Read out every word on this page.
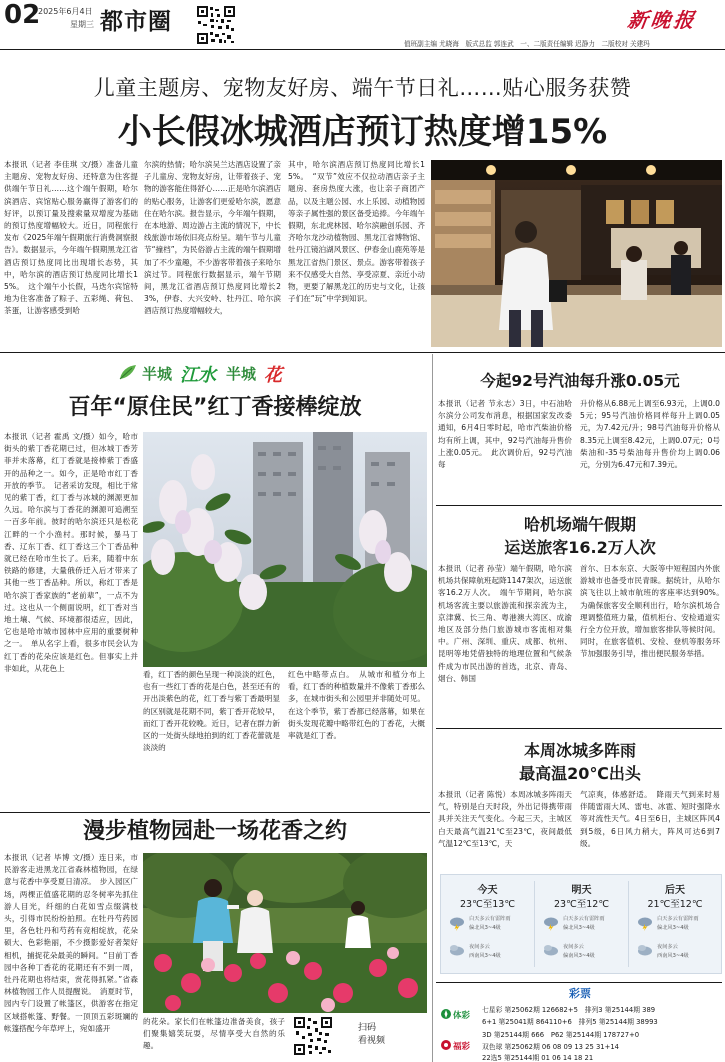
02
2025年6月4日
星期三 都市圈	新晚报
值班副主编 尤晓海　版式总监 郭连武　一、二版责任编辑 迟静力　二版校对 关建玛
儿童主题房、宠物友好房、端午节日礼……贴心服务获赞
小长假冰城酒店预订热度增15%
本报讯（记者 李佳琪 文/摄）准备儿童主题房、宠物友好房、还特意为住客提供端午节日礼……这个端午假期，哈尔滨酒店、宾馆贴心服务赢得了游客们的好评，以预订量及搜索量双增度为基础的预订热度增幅较大。近日，同程旅行发布《2025年端午假期旅行消费洞察报告》。数据显示，今年端午假期黑龙江省酒店预订热度同比出现增长态势，其中，哈尔滨的酒店预订热度同比增长15%。　这个端午小长假，马迭尔宾馆特地为住客准备了粽子、五彩绳、荷包、茶蛋，让游客感受到哈
尔滨的热情；哈尔滨吴兰达酒店设置了亲子儿童房、宠物友好房，让带着孩子、宠物的游客能住得舒心……正是哈尔滨酒店的贴心服务，让游客们更爱哈尔滨，愿意住在哈尔滨。报告显示，今年端午假期，在本地游、周边游占主流的情况下，中长线旅游市场依旧亮点纷呈。端午节与儿童节“撞档”，为民俗游占主流的端午假期增加了不少童趣，不少游客带着孩子来哈尔滨过节。同程旅行数据显示，端午节期间，黑龙江省酒店预订热度同比增长23%，伊春、大兴安岭、牡丹江、哈尔滨酒店预订热度增幅较大，
其中，哈尔滨酒店预订热度同比增长15%。　“双节”效应不仅拉动酒店亲子主题房、套房热度大涨，也让亲子商团产品，以及主题公园、水上乐园、动植物园等亲子属性强的景区备受追捧。今年端午假期，东北虎林园、哈尔滨融创乐园、齐齐哈尔龙沙动植物园、黑龙江省博物馆、牡丹江镜泊湖风景区、伊春金山鹿苑等是黑龙江省热门景区、景点。游客带着孩子来不仅感受大自然、享受凉夏、亲近小动物，更要了解黑龙江的历史与文化，让孩子们在“玩”中学到知识。
半城 江水 半城 花
百年“原住民”红丁香接棒绽放
本报讯（记者 霍禹 文/摄）如今，哈市街头的紫丁香花期已过，但冰城丁香芳菲并未落幕，红丁香就是接棒紫丁香盛开的品种之一。如今，正是哈市红丁香开放的季节。　记者采访发现，相比于常见的紫丁香，红丁香与冰城的渊源更加久远。哈尔滨与丁香花的渊源可追溯至一百多年前。彼时的哈尔滨还只是松花江畔的一个小渔村。那时候，暴马丁香、辽东丁香、红丁香这三个丁香品种就已经在哈市生长了。后来，随着中东铁路的修建，大量俄侨迁入后才带来了其他一些丁香品种。所以，称红丁香是哈尔滨丁香家族的“老前辈”，一点不为过。这也从一个侧面说明，红丁香对当地土壤、气候、环境都很适应，因此，它也是哈市城市园林中应用的重要树种之一。　单从名字上看，很多市民会认为红丁香的花朵应该是红色。但事实上并非如此，从花色上
看，红丁香的颜色呈现一种淡淡的红色，也有一些红丁香的花是白色，甚至还有的开出淡紫色的花，红丁香与紫丁香最明显的区别就是花期不同，紫丁香开花较早，而红丁香开花较晚。近日，记者在群力新区的一处街头绿地拍到的红丁香花蕾就是淡淡的
红色中略带点白。　从城市和植分布上看，红丁香的种植数量并不像紫丁香那么多，在城市街头和公园里并非随处可见。在这个季节，紫丁香都已经落幕，如果在街头发现花瓣中略带红色的丁香花，大概率就是红丁香。
漫步植物园赴一场花香之约
本报讯（记者 毕博 文/摄）连日来，市民游客走进黑龙江省森林植物园，在绿意与花香中享受夏日清凉。　步入园区广场，两棵正值盛花期的忍冬树率先抓住游人目光，纤细的白花如雪点缀满枝头，引得市民纷纷拍照。在牡丹芍药园里，各色牡丹和芍药有竞相绽放，花朵硕大、色彩艳丽，不少摄影爱好者架好相机，捕捉花朵最美的瞬间。“目前丁香园中各种丁香花的花期还有不到一周，牡丹花期也将结束，赏花得抓紧。”省森林植物园工作人员提醒说。　消夏时节，园内专门设置了帐篷区，供游客在指定区域搭帐篷、野餐。一顶顶五彩斑斓的帐篷搭配今年草坪上，宛如盛开
的花朵。家长们在帐篷边准备美食，孩子们聚集嬉笑玩耍，尽情享受大自然的乐趣。
扫码
看视频
今起92号汽油每升涨0.05元
本报讯（记者 节永志）3日，中石油哈尔滨分公司发布消息，根据国家发改委通知，6月4日零时起，哈市汽柴油价格均有所上调，其中，92号汽油每升售价上涨0.05元。　此次调价后，92号汽油每
升价格从6.88元上调至6.93元，上调0.05元；95号汽油价格同样每升上调0.05元，为7.42元/升；98号汽油每升价格从8.35元上调至8.42元，上调0.07元；0号柴油和-35号柴油每升售价均上调0.06元，分别为6.47元和7.39元。
哈机场端午假期
运送旅客16.2万人次
本报讯（记者 孙莹）端午假期，哈尔滨机场共保障航班起降1147架次，运送旅客16.2万人次。　端午节期间，哈尔滨机场客流主要以旅游流和探亲流为主，京津冀、长三角、粤港澳大湾区、成渝地区及部分热门旅游城市客流相对集中。广州、深圳、重庆、成都、杭州、昆明等地凭借独特的地理位置和气候条件成为市民出游的首选，北京、青岛、烟台、韩国
首尔、日本东京、大阪等中短程国内外旅游城市也备受市民青睐。据统计，从哈尔滨飞往以上城市航班的客座率达到90%。　为确保旅客安全顺利出行，哈尔滨机场合理调整值班力量，值机柜台、安检通道实行全方位开放，增加旅客排队等候时间。同时，在旅客值机、安检、登机等服务环节加强服务引导，推出便民服务举措。
本周冰城多阵雨
最高温20℃出头
本报讯（记者 陈悦）本周冰城多阵雨天气，特别是白天时段，外出记得携带雨具并关注天气变化。今起三天，主城区白天最高气温21℃至23℃，夜间最低气温12℃至13℃，天
气凉爽，体感舒适。　降雨天气到来时易伴随雷雨大风、雷电、冰雹、短时强降水等对流性天气。4日至6日，主城区阵风4到5级，6日风力稍大，阵风可达6到7级。
今天
23℃至13℃
白天多云有雷阵雨
偏北风3~4级
夜间多云
西南风3~4级
明天
23℃至12℃
白天多云有雷阵雨
偏北风3~4级
夜间多云
偏南风3~4级
后天
21℃至12℃
白天多云有雷阵雨
偏北风3~4级
夜间多云
西南风3~4级
彩票
体彩
七星彩 第25062期 126682+5　排列3 第25144期 389
6+1 第25041期 864110+6　排列5 第25144期 38993
福彩
3D 第25144期 666　P62 第25144期 178727+0
双色球 第25062期 06 08 09 13 25 31+14
22选5 第25144期 01 06 14 18 21
